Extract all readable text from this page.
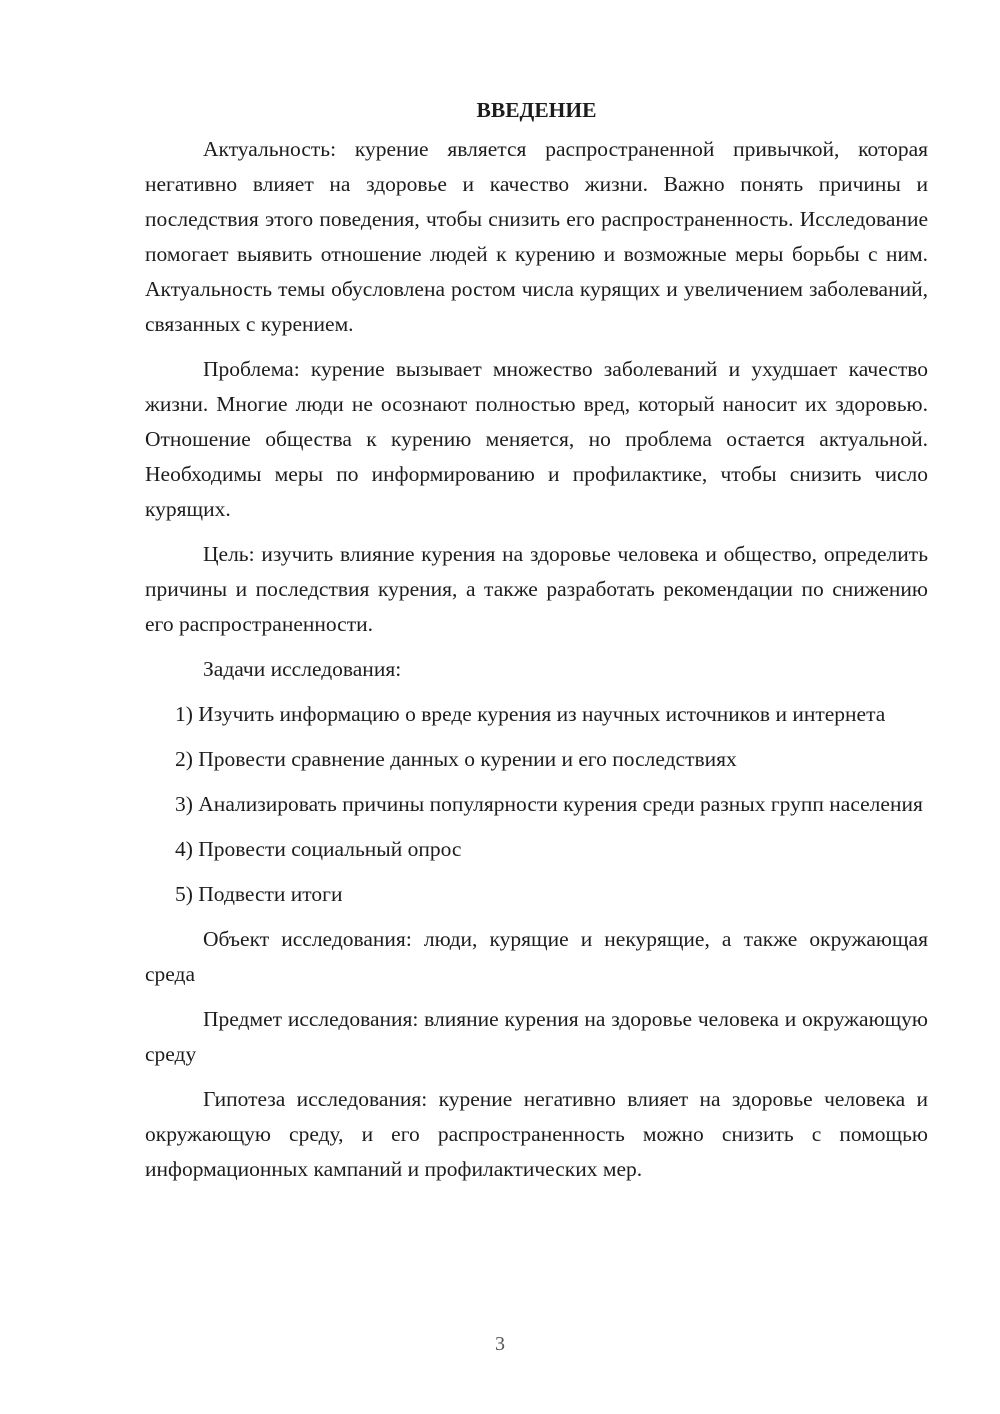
ВВЕДЕНИЕ

Актуальность: курение является распространенной привычкой, которая негативно влияет на здоровье и качество жизни. Важно понять причины и последствия этого поведения, чтобы снизить его распространенность. Исследование помогает выявить отношение людей к курению и возможные меры борьбы с ним. Актуальность темы обусловлена ростом числа курящих и увеличением заболеваний, связанных с курением.

Проблема: курение вызывает множество заболеваний и ухудшает качество жизни. Многие люди не осознают полностью вред, который наносит их здоровью. Отношение общества к курению меняется, но проблема остается актуальной. Необходимы меры по информированию и профилактике, чтобы снизить число курящих.

Цель: изучить влияние курения на здоровье человека и общество, определить причины и последствия курения, а также разработать рекомендации по снижению его распространенности.

Задачи исследования:

1) Изучить информацию о вреде курения из научных источников и интернета

2) Провести сравнение данных о курении и его последствиях

3) Анализировать причины популярности курения среди разных групп населения

4) Провести социальный опрос

5) Подвести итоги

Объект исследования: люди, курящие и некурящие, а также окружающая среда

Предмет исследования: влияние курения на здоровье человека и окружающую среду

Гипотеза исследования: курение негативно влияет на здоровье человека и окружающую среду, и его распространенность можно снизить с помощью информационных кампаний и профилактических мер.

3
